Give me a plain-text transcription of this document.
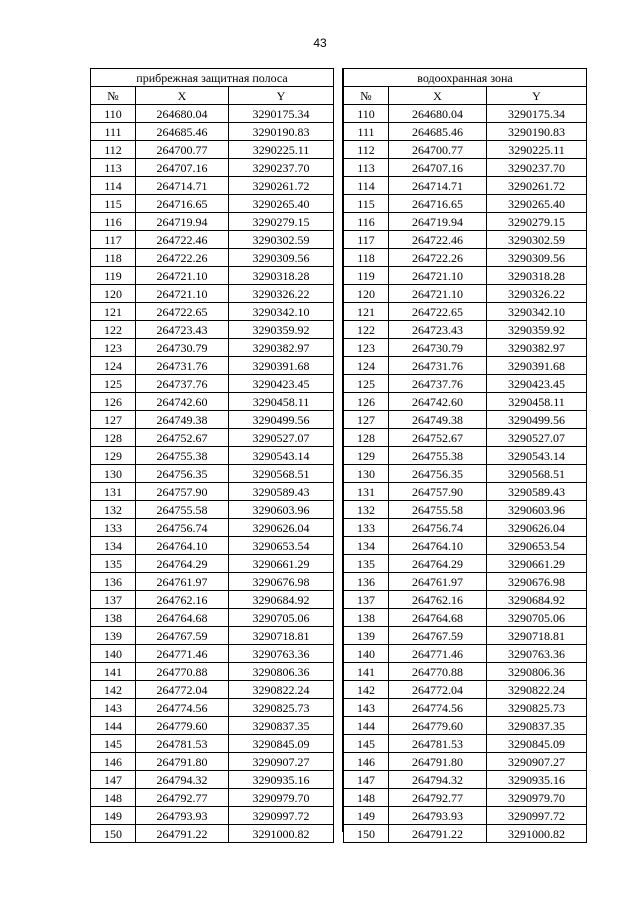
43
прибрежная защитная полоса		
№	X	Y
110	264680.04	3290175.34
111	264685.46	3290190.83
112	264700.77	3290225.11
113	264707.16	3290237.70
114	264714.71	3290261.72
115	264716.65	3290265.40
116	264719.94	3290279.15
117	264722.46	3290302.59
118	264722.26	3290309.56
119	264721.10	3290318.28
120	264721.10	3290326.22
121	264722.65	3290342.10
122	264723.43	3290359.92
123	264730.79	3290382.97
124	264731.76	3290391.68
125	264737.76	3290423.45
126	264742.60	3290458.11
127	264749.38	3290499.56
128	264752.67	3290527.07
129	264755.38	3290543.14
130	264756.35	3290568.51
131	264757.90	3290589.43
132	264755.58	3290603.96
133	264756.74	3290626.04
134	264764.10	3290653.54
135	264764.29	3290661.29
136	264761.97	3290676.98
137	264762.16	3290684.92
138	264764.68	3290705.06
139	264767.59	3290718.81
140	264771.46	3290763.36
141	264770.88	3290806.36
142	264772.04	3290822.24
143	264774.56	3290825.73
144	264779.60	3290837.35
145	264781.53	3290845.09
146	264791.80	3290907.27
147	264794.32	3290935.16
148	264792.77	3290979.70
149	264793.93	3290997.72
150	264791.22	3291000.82
водоохранная зона		
№	X	Y
110	264680.04	3290175.34
111	264685.46	3290190.83
112	264700.77	3290225.11
113	264707.16	3290237.70
114	264714.71	3290261.72
115	264716.65	3290265.40
116	264719.94	3290279.15
117	264722.46	3290302.59
118	264722.26	3290309.56
119	264721.10	3290318.28
120	264721.10	3290326.22
121	264722.65	3290342.10
122	264723.43	3290359.92
123	264730.79	3290382.97
124	264731.76	3290391.68
125	264737.76	3290423.45
126	264742.60	3290458.11
127	264749.38	3290499.56
128	264752.67	3290527.07
129	264755.38	3290543.14
130	264756.35	3290568.51
131	264757.90	3290589.43
132	264755.58	3290603.96
133	264756.74	3290626.04
134	264764.10	3290653.54
135	264764.29	3290661.29
136	264761.97	3290676.98
137	264762.16	3290684.92
138	264764.68	3290705.06
139	264767.59	3290718.81
140	264771.46	3290763.36
141	264770.88	3290806.36
142	264772.04	3290822.24
143	264774.56	3290825.73
144	264779.60	3290837.35
145	264781.53	3290845.09
146	264791.80	3290907.27
147	264794.32	3290935.16
148	264792.77	3290979.70
149	264793.93	3290997.72
150	264791.22	3291000.82
